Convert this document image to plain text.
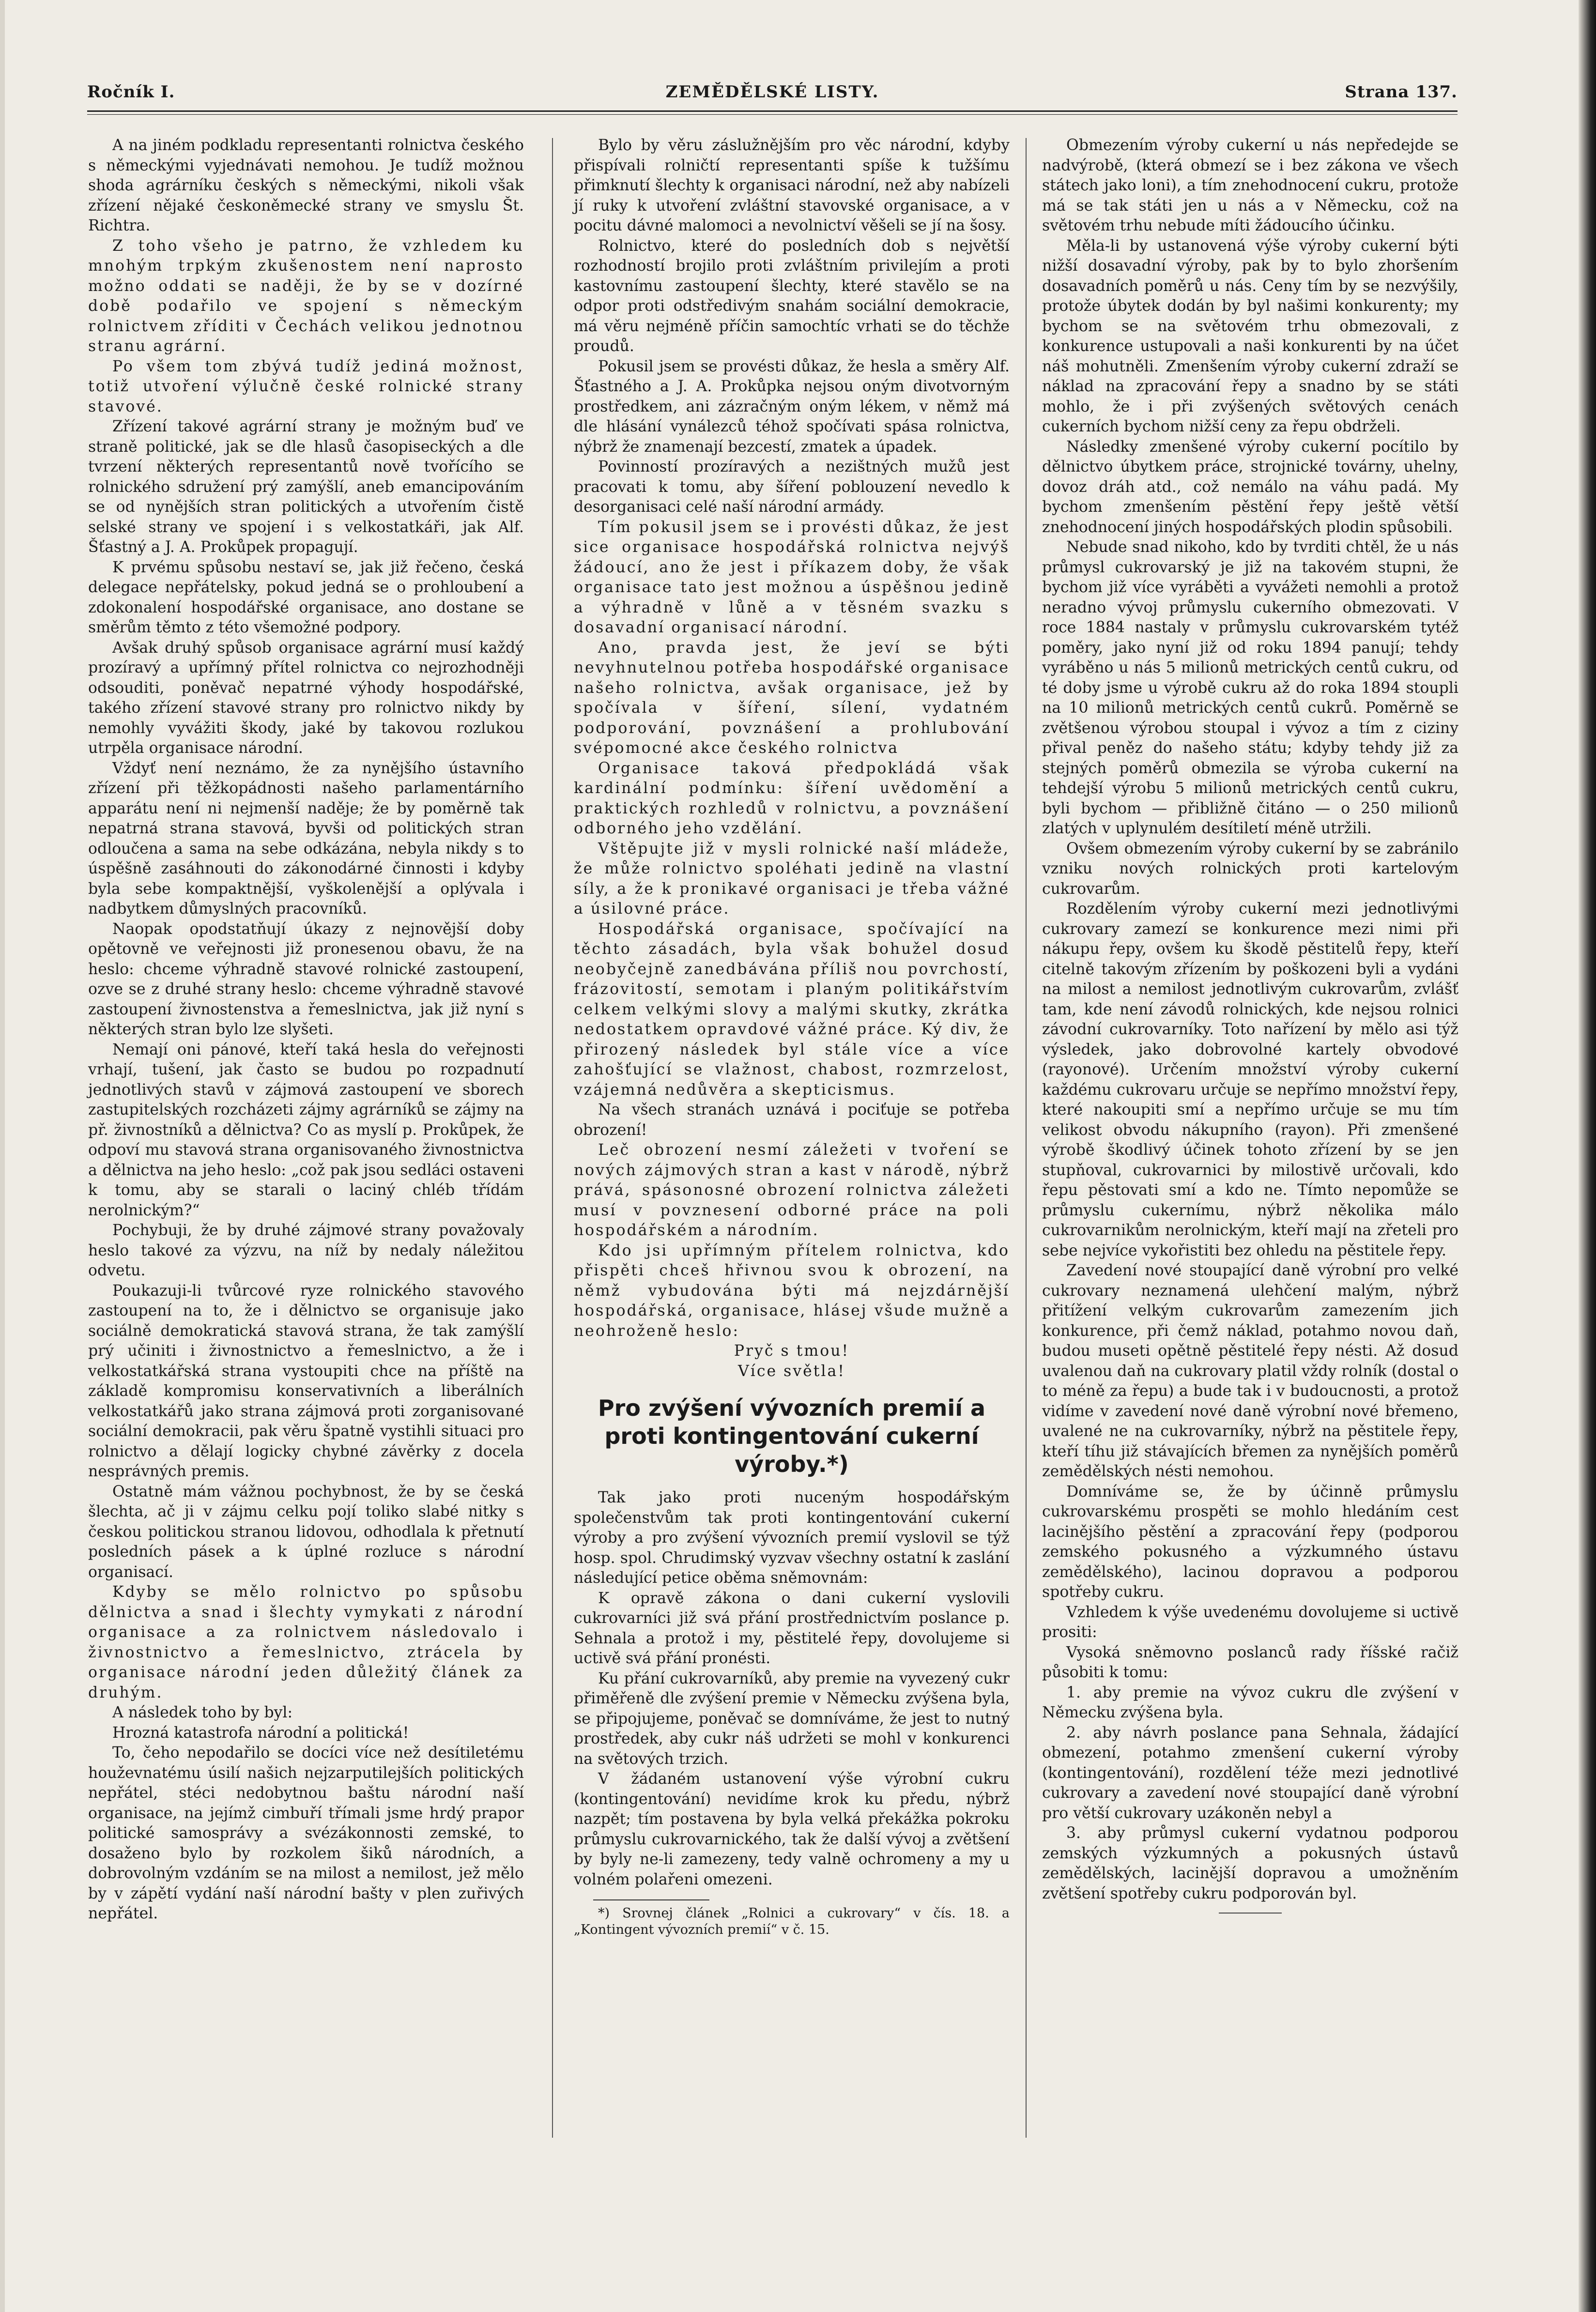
Ročník I.	ZEMĚDĚLSKÉ LISTY.	Strana 137.

A na jiném podkladu representanti rolnictva českého s německými vyjednávati nemohou. Je tudíž možnou shoda agrárníku českých s německými, nikoli však zřízení nějaké českoněmecké strany ve smyslu Št. Richtra.

Z toho všeho je patrno, že vzhledem ku mnohým trpkým zkušenostem není naprosto možno oddati se naději, že by se v dozírné době podařilo ve spojení s německým rolnictvem zříditi v Čechách velikou jednotnou stranu agrární.

Po všem tom zbývá tudíž jediná možnost, totiž utvoření výlučně české rolnické strany stavové.

Zřízení takové agrární strany je možným buď ve straně politické, jak se dle hlasů časopiseckých a dle tvrzení některých representantů nově tvořícího se rolnického sdružení prý zamýšlí, aneb emancipováním se od nynějších stran politických a utvořením čistě selské strany ve spojení i s velkostatkáři, jak Alf. Šťastný a J. A. Prokůpek propagují.

K prvému spůsobu nestaví se, jak již řečeno, česká delegace nepřátelsky, pokud jedná se o prohloubení a zdokonalení hospodářské organisace, ano dostane se směrům těmto z této všemožné podpory.

Avšak druhý spůsob organisace agrární musí každý prozíravý a upřímný přítel rolnictva co nejrozhodněji odsouditi, poněvač nepatrné výhody hospodářské, takého zřízení stavové strany pro rolnictvo nikdy by nemohly vyvážiti škody, jaké by takovou rozlukou utrpěla organisace národní.

Vždyť není neznámo, že za nynějšího ústavního zřízení při těžkopádnosti našeho parlamentárního apparátu není ni nejmenší naděje; že by poměrně tak nepatrná strana stavová, byvši od politických stran odloučena a sama na sebe odkázána, nebyla nikdy s to úspěšně zasáhnouti do zákonodárné činnosti i kdyby byla sebe kompaktnější, vyškolenější a oplývala i nadbytkem důmyslných pracovníků.

Naopak opodstatňují úkazy z nejnovější doby opětovně ve veřejnosti již pronesenou obavu, že na heslo: chceme výhradně stavové rolnické zastoupení, ozve se z druhé strany heslo: chceme výhradně stavové zastoupení živnostenstva a řemeslnictva, jak již nyní s některých stran bylo lze slyšeti.

Nemají oni pánové, kteří taká hesla do veřejnosti vrhají, tušení, jak často se budou po rozpadnutí jednotlivých stavů v zájmová zastoupení ve sborech zastupitelských rozcházeti zájmy agrárníků se zájmy na př. živnostníků a dělnictva? Co as myslí p. Prokůpek, že odpoví mu stavová strana organisovaného živnostnictva a dělnictva na jeho heslo: „což pak jsou sedláci ostaveni k tomu, aby se starali o laciný chléb třídám nerolnickým?“

Pochybuji, že by druhé zájmové strany považovaly heslo takové za výzvu, na níž by nedaly náležitou odvetu.

Poukazuji-li tvůrcové ryze rolnického stavového zastoupení na to, že i dělnictvo se organisuje jako sociálně demokratická stavová strana, že tak zamýšlí prý učiniti i živnostnictvo a řemeslnictvo, a že i velkostatkářská strana vystoupiti chce na příště na základě kompromisu konservativních a liberálních velkostatkářů jako strana zájmová proti zorganisované sociální demokracii, pak věru špatně vystihli situaci pro rolnictvo a dělají logicky chybné závěrky z docela nesprávných premis.

Ostatně mám vážnou pochybnost, že by se česká šlechta, ač ji v zájmu celku pojí toliko slabé nitky s českou politickou stranou lidovou, odhodlala k přetnutí posledních pásek a k úplné rozluce s národní organisací.

Kdyby se mělo rolnictvo po spůsobu dělnictva a snad i šlechty vymykati z národní organisace a za rolnictvem následovalo i živnostnictvo a řemeslnictvo, ztrácela by organisace národní jeden důležitý článek za druhým.

A následek toho by byl:

Hrozná katastrofa národní a politická!

To, čeho nepodařilo se docíci více než desítiletému houževnatému úsilí našich nejzarputilejších politických nepřátel, stéci nedobytnou baštu národní naší organisace, na jejímž cimbuří třímali jsme hrdý prapor politické samosprávy a svézákonnosti zemské, to dosaženo bylo by rozkolem šiků národních, a dobrovolným vzdáním se na milost a nemilost, jež mělo by v zápětí vydání naší národní bašty v plen zuřivých nepřátel.

Bylo by věru záslužnějším pro věc národní, kdyby přispívali rolničtí representanti spíše k tužšímu přimknutí šlechty k organisaci národní, než aby nabízeli jí ruky k utvoření zvláštní stavovské organisace, a v pocitu dávné malomoci a nevolnictví věšeli se jí na šosy.

Rolnictvo, které do posledních dob s největší rozhodností brojilo proti zvláštním privilejím a proti kastovnímu zastoupení šlechty, které stavělo se na odpor proti odstředivým snahám sociální demokracie, má věru nejméně příčin samochtíc vrhati se do těchže proudů.

Pokusil jsem se provésti důkaz, že hesla a směry Alf. Šťastného a J. A. Prokůpka nejsou oným divotvorným prostředkem, ani zázračným oným lékem, v němž má dle hlásání vynálezců téhož spočívati spása rolnictva, nýbrž že znamenají bezcestí, zmatek a úpadek.

Povinností prozíravých a nezištných mužů jest pracovati k tomu, aby šíření poblouzení nevedlo k desorganisaci celé naší národní armády.

Tím pokusil jsem se i provésti důkaz, že jest sice organisace hospodářská rolnictva nejvýš žádoucí, ano že jest i příkazem doby, že však organisace tato jest možnou a úspěšnou jedině a výhradně v lůně a v těsném svazku s dosavadní organisací národní.

Ano, pravda jest, že jeví se býti nevyhnutelnou potřeba hospodářské organisace našeho rolnictva, avšak organisace, jež by spočívala v šíření, sílení, vydatném podporování, povznášení a prohlubování svépomocné akce českého rolnictva

Organisace taková předpokládá však kardinální podmínku: šíření uvědomění a praktických rozhledů v rolnictvu, a povznášení odborného jeho vzdělání.

Vštěpujte již v mysli rolnické naší mládeže, že může rolnictvo spoléhati jedině na vlastní síly, a že k pronikavé organisaci je třeba vážné a úsilovné práce.

Hospodářská organisace, spočívající na těchto zásadách, byla však bohužel dosud neobyčejně zanedbávána příliš nou povrchostí, frázovitostí, semotam i planým politikářstvím celkem velkými slovy a malými skutky, zkrátka nedostatkem opravdové vážné práce. Ký div, že přirozený následek byl stále více a více zahošťující se vlažnost, chabost, rozmrzelost, vzájemná nedůvěra a skepticismus.

Na všech stranách uznává i pociťuje se potřeba obrození!

Leč obrození nesmí záležeti v tvoření se nových zájmových stran a kast v národě, nýbrž prává, spásonosné obrození rolnictva záležeti musí v povznesení odborné práce na poli hospodářském a národním.

Kdo jsi upřímným přítelem rolnictva, kdo přispěti chceš hřivnou svou k obrození, na němž vybudována býti má nejzdárnější hospodářská, organisace, hlásej všude mužně a neohroženě heslo:

Pryč s tmou!

Více světla!

Pro zvýšení vývozních premií a proti kontingentování cukerní výroby.*)

Tak jako proti nuceným hospodářským společenstvům tak proti kontingentování cukerní výroby a pro zvýšení vývozních premií vyslovil se týž hosp. spol. Chrudimský vyzvav všechny ostatní k zaslání následující petice oběma sněmovnám:

K opravě zákona o dani cukerní vyslovili cukrovarníci již svá přání prostřednictvím poslance p. Sehnala a protož i my, pěstitelé řepy, dovolujeme si uctivě svá přání pronésti.

Ku přání cukrovarníků, aby premie na vyvezený cukr přiměřeně dle zvýšení premie v Německu zvýšena byla, se připojujeme, poněvač se domníváme, že jest to nutný prostředek, aby cukr náš udržeti se mohl v konkurenci na světových trzich.

V žádaném ustanovení výše výrobní cukru (kontingentování) nevidíme krok ku předu, nýbrž nazpět; tím postavena by byla velká překážka pokroku průmyslu cukrovarnického, tak že další vývoj a zvětšení by byly ne-li zamezeny, tedy valně ochromeny a my u volném polařeni omezeni.

*) Srovnej článek „Rolnici a cukrovary“ v čís. 18. a „Kontingent vývozních premií“ v č. 15.

Obmezením výroby cukerní u nás nepředejde se nadvýrobě, (která obmezí se i bez zákona ve všech státech jako loni), a tím znehodnocení cukru, protože má se tak státi jen u nás a v Německu, což na světovém trhu nebude míti žádoucího účinku.

Měla-li by ustanovená výše výroby cukerní býti nižší dosavadní výroby, pak by to bylo zhoršením dosavadních poměrů u nás. Ceny tím by se nezvýšily, protože úbytek dodán by byl našimi konkurenty; my bychom se na světovém trhu obmezovali, z konkurence ustupovali a naši konkurenti by na účet náš mohutněli. Zmenšením výroby cukerní zdraží se náklad na zpracování řepy a snadno by se státi mohlo, že i při zvýšených světových cenách cukerních bychom nižší ceny za řepu obdrželi.

Následky zmenšené výroby cukerní pocítilo by dělnictvo úbytkem práce, strojnické továrny, uhelny, dovoz dráh atd., což nemálo na váhu padá. My bychom zmenšením pěstění řepy ještě větší znehodnocení jiných hospodářských plodin spůsobili.

Nebude snad nikoho, kdo by tvrditi chtěl, že u nás průmysl cukrovarský je již na takovém stupni, že bychom již více vyráběti a vyvážeti nemohli a protož neradno vývoj průmyslu cukerního obmezovati. V roce 1884 nastaly v průmyslu cukrovarském tytéž poměry, jako nyní již od roku 1894 panují; tehdy vyráběno u nás 5 milionů metrických centů cukru, od té doby jsme u výrobě cukru až do roka 1894 stoupli na 10 milionů metrických centů cukrů. Poměrně se zvětšenou výrobou stoupal i vývoz a tím z ciziny přival peněz do našeho státu; kdyby tehdy již za stejných poměrů obmezila se výroba cukerní na tehdejší výrobu 5 milionů metrických centů cukru, byli bychom — přibližně čitáno — o 250 milionů zlatých v uplynulém desítiletí méně utržili.

Ovšem obmezením výroby cukerní by se zabránilo vzniku nových rolnických proti kartelovým cukrovarům.

Rozdělením výroby cukerní mezi jednotlivými cukrovary zamezí se konkurence mezi nimi při nákupu řepy, ovšem ku škodě pěstitelů řepy, kteří citelně takovým zřízením by poškozeni byli a vydáni na milost a nemilost jednotlivým cukrovarům, zvlášť tam, kde není závodů rolnických, kde nejsou rolnici závodní cukrovarníky. Toto nařízení by mělo asi týž výsledek, jako dobrovolné kartely obvodové (rayonové). Určením množství výroby cukerní každému cukrovaru určuje se nepřímo množství řepy, které nakoupiti smí a nepřímo určuje se mu tím velikost obvodu nákupního (rayon). Při zmenšené výrobě škodlivý účinek tohoto zřízení by se jen stupňoval, cukrovarnici by milostivě určovali, kdo řepu pěstovati smí a kdo ne. Tímto nepomůže se průmyslu cukernímu, nýbrž několika málo cukrovarnikům nerolnickým, kteří mají na zřeteli pro sebe nejvíce vykořistiti bez ohledu na pěstitele řepy.

Zavedení nové stoupající daně výrobní pro velké cukrovary neznamená ulehčení malým, nýbrž přitížení velkým cukrovarům zamezením jich konkurence, při čemž náklad, potahmo novou daň, budou museti opětně pěstitelé řepy nésti. Až dosud uvalenou daň na cukrovary platil vždy rolník (dostal o to méně za řepu) a bude tak i v budoucnosti, a protož vidíme v zavedení nové daně výrobní nové břemeno, uvalené ne na cukrovarníky, nýbrž na pěstitele řepy, kteří tíhu již stávajících břemen za nynějších poměrů zemědělských nésti nemohou.

Domníváme se, že by účinně průmyslu cukrovarskému prospěti se mohlo hledáním cest lacinějšího pěstění a zpracování řepy (podporou zemského pokusného a výzkumného ústavu zemědělského), lacinou dopravou a podporou spotřeby cukru.

Vzhledem k výše uvedenému dovolujeme si uctivě prositi:

Vysoká sněmovno poslanců rady říšské račiž působiti k tomu:

1. aby premie na vývoz cukru dle zvýšení v Německu zvýšena byla.

2. aby návrh poslance pana Sehnala, žádající obmezení, potahmo zmenšení cukerní výroby (kontingentování), rozdělení téže mezi jednotlivé cukrovary a zavedení nové stoupající daně výrobní pro větší cukrovary uzákoněn nebyl a

3. aby průmysl cukerní vydatnou podporou zemských výzkumných a pokusných ústavů zemědělských, lacinější dopravou a umožněním zvětšení spotřeby cukru podporován byl.
